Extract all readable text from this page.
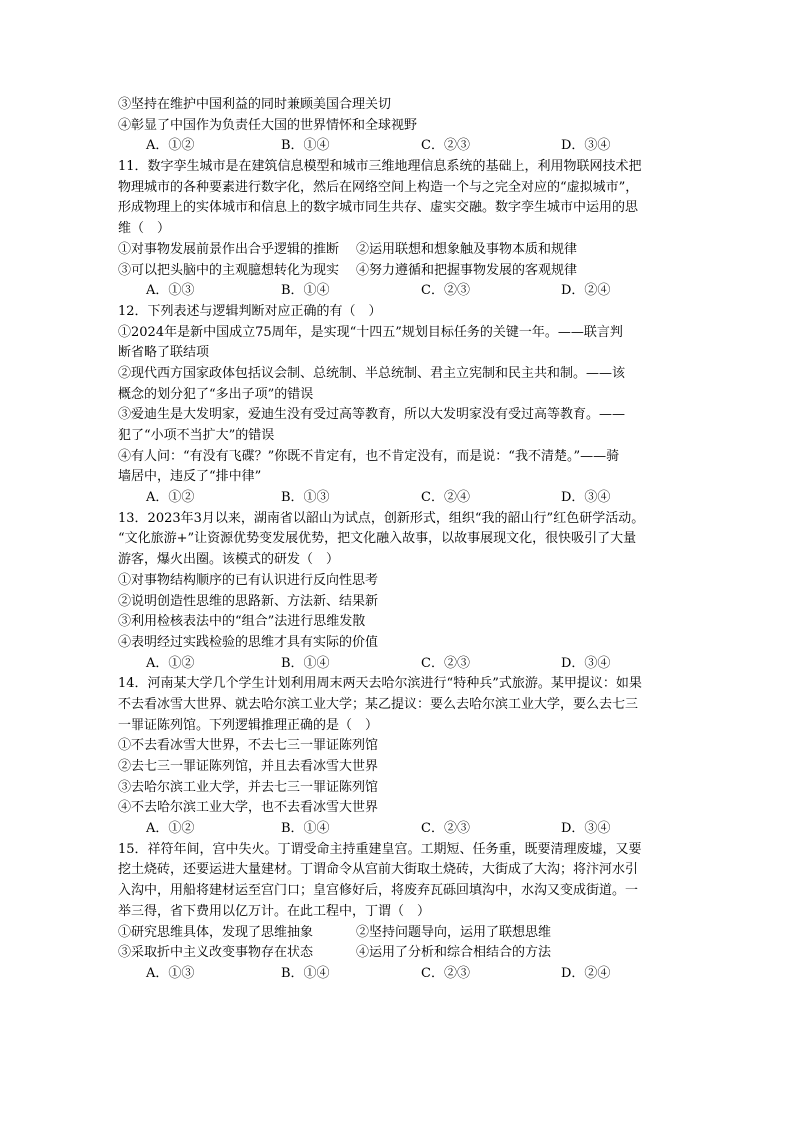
③坚持在维护中国利益的同时兼顾美国合理关切
④彰显了中国作为负责任大国的世界情怀和全球视野
A．①②	B．①④	C．②③	D．③④
11．数字孪生城市是在建筑信息模型和城市三维地理信息系统的基础上，利用物联网技术把
物理城市的各种要素进行数字化，然后在网络空间上构造一个与之完全对应的“虚拟城市”，
形成物理上的实体城市和信息上的数字城市同生共存、虚实交融。数字孪生城市中运用的思
维（　）
①对事物发展前景作出合乎逻辑的推断	②运用联想和想象触及事物本质和规律
③可以把头脑中的主观臆想转化为现实	④努力遵循和把握事物发展的客观规律
A．①③	B．①④	C．②③	D．②④
12．下列表述与逻辑判断对应正确的有（　）
①2024年是新中国成立75周年，是实现“十四五”规划目标任务的关键一年。——联言判
断省略了联结项
②现代西方国家政体包括议会制、总统制、半总统制、君主立宪制和民主共和制。——该
概念的划分犯了“多出子项”的错误
③爱迪生是大发明家，爱迪生没有受过高等教育，所以大发明家没有受过高等教育。——
犯了“小项不当扩大”的错误
④有人问：“有没有飞碟？”你既不肯定有，也不肯定没有，而是说：“我不清楚。”——骑
墙居中，违反了“排中律”
A．①②	B．①③	C．②④	D．③④
13．2023年3月以来，湖南省以韶山为试点，创新形式，组织“我的韶山行”红色研学活动。
“文化旅游+”让资源优势变发展优势，把文化融入故事，以故事展现文化，很快吸引了大量
游客，爆火出圈。该模式的研发（　）
①对事物结构顺序的已有认识进行反向性思考
②说明创造性思维的思路新、方法新、结果新
③利用检核表法中的“组合”法进行思维发散
④表明经过实践检验的思维才具有实际的价值
A．①②	B．①④	C．②③	D．③④
14．河南某大学几个学生计划利用周末两天去哈尔滨进行“特种兵”式旅游。某甲提议：如果
不去看冰雪大世界、就去哈尔滨工业大学；某乙提议：要么去哈尔滨工业大学，要么去七三
一罪证陈列馆。下列逻辑推理正确的是（　）
①不去看冰雪大世界，不去七三一罪证陈列馆
②去七三一罪证陈列馆，并且去看冰雪大世界
③去哈尔滨工业大学，并去七三一罪证陈列馆
④不去哈尔滨工业大学，也不去看冰雪大世界
A．①②	B．①④	C．②③	D．③④
15．祥符年间，宫中失火。丁谓受命主持重建皇宫。工期短、任务重，既要清理废墟，又要
挖土烧砖，还要运进大量建材。丁谓命令从宫前大街取土烧砖，大街成了大沟；将汴河水引
入沟中，用船将建材运至宫门口；皇宫修好后，将废弃瓦砾回填沟中，水沟又变成街道。一
举三得，省下费用以亿万计。在此工程中，丁谓（　）
①研究思维具体，发现了思维抽象	②坚持问题导向，运用了联想思维
③采取折中主义改变事物存在状态	④运用了分析和综合相结合的方法
A．①③	B．①④	C．②③	D．②④
